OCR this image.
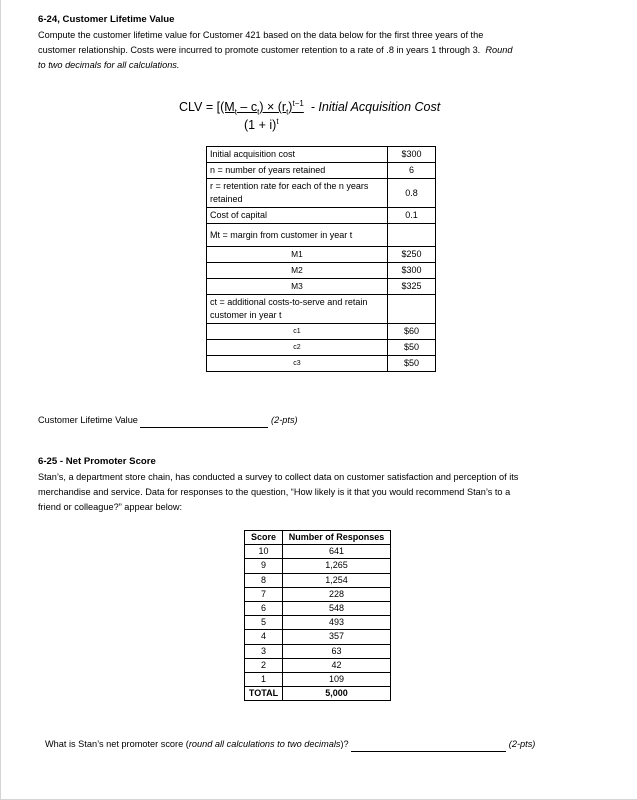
6-24, Customer Lifetime Value
Compute the customer lifetime value for Customer 421 based on the data below for the first three years of the
customer relationship. Costs were incurred to promote customer retention to a rate of .8 in years 1 through 3. Round
to two decimals for all calculations.
CLV = [$(M_t - c_t) \times (r_t)^{t-1}$  - Initial Acquisition Cost
$(1 + i)^t$
Initial acquisition cost	$300
n = number of years retained	6
r = retention rate for each of the n years retained	0.8
Cost of capital	0.1
Mt = margin from customer in year t	
M1	$250
M2	$300
M3	$325
ct = additional costs-to-serve and retain customer in year t	
c1	$60
c2	$50
c3	$50
Customer Lifetime Value	(2-pts)
6-25 - Net Promoter Score
Stan’s, a department store chain, has conducted a survey to collect data on customer satisfaction and perception of its
merchandise and service. Data for responses to the question, “How likely is it that you would recommend Stan’s to a
friend or colleague?” appear below:
Score	Number of Responses
10	641
9	1,265
8	1,254
7	228
6	548
5	493
4	357
3	63
2	42
1	109
TOTAL	5,000
What is Stan’s net promoter score (round all calculations to two decimals)?	(2-pts)
